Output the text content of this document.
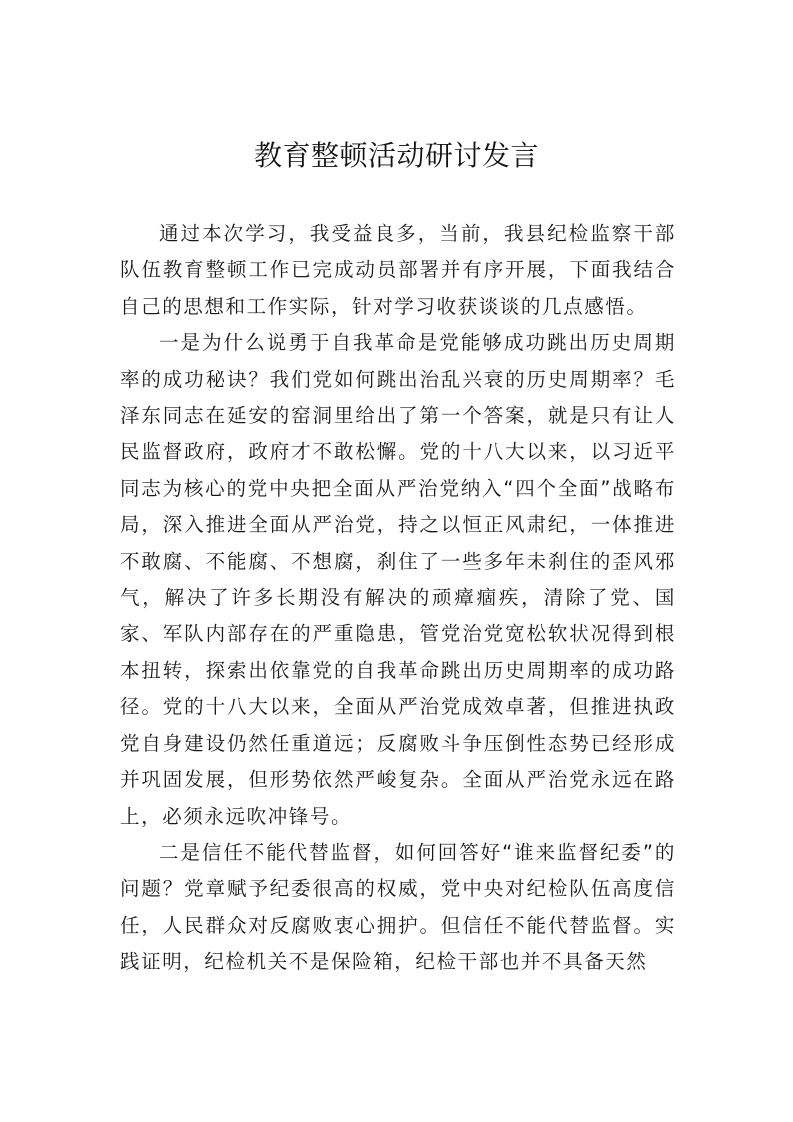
教育整顿活动研讨发言

通过本次学习，我受益良多，当前，我县纪检监察干部队伍教育整顿工作已完成动员部署并有序开展，下面我结合自己的思想和工作实际，针对学习收获谈谈的几点感悟。

一是为什么说勇于自我革命是党能够成功跳出历史周期率的成功秘诀？我们党如何跳出治乱兴衰的历史周期率？毛泽东同志在延安的窑洞里给出了第一个答案，就是只有让人民监督政府，政府才不敢松懈。党的十八大以来，以习近平同志为核心的党中央把全面从严治党纳入“四个全面”战略布局，深入推进全面从严治党，持之以恒正风肃纪，一体推进不敢腐、不能腐、不想腐，刹住了一些多年未刹住的歪风邪气，解决了许多长期没有解决的顽瘴痼疾，清除了党、国家、军队内部存在的严重隐患，管党治党宽松软状况得到根本扭转，探索出依靠党的自我革命跳出历史周期率的成功路径。党的十八大以来，全面从严治党成效卓著，但推进执政党自身建设仍然任重道远；反腐败斗争压倒性态势已经形成并巩固发展，但形势依然严峻复杂。全面从严治党永远在路上，必须永远吹冲锋号。

二是信任不能代替监督，如何回答好“谁来监督纪委”的问题？党章赋予纪委很高的权威，党中央对纪检队伍高度信任，人民群众对反腐败衷心拥护。但信任不能代替监督。实践证明，纪检机关不是保险箱，纪检干部也并不具备天然
